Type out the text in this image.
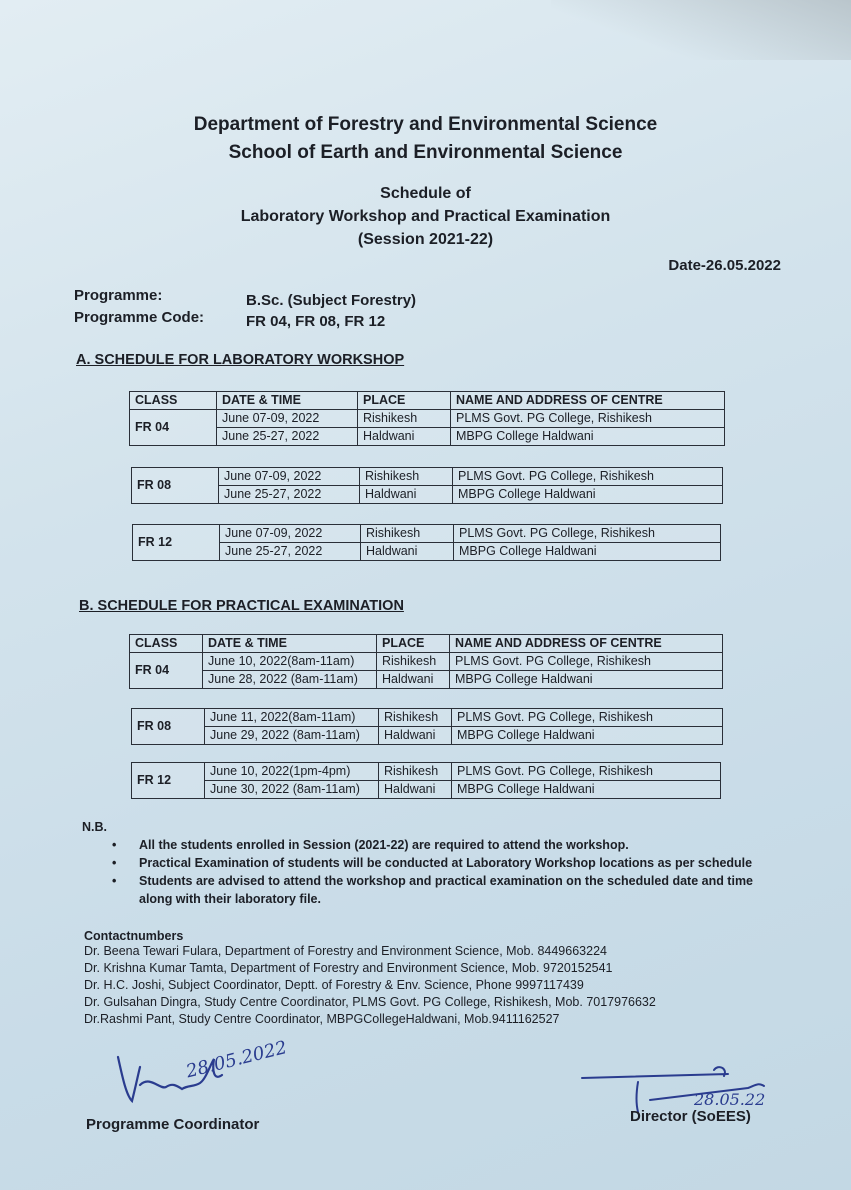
Department of Forestry and Environmental Science
School of Earth and Environmental Science
Schedule of
Laboratory Workshop and Practical Examination
(Session 2021-22)
Date-26.05.2022
Programme:	B.Sc. (Subject Forestry)
Programme Code:	FR 04, FR 08, FR 12
A. SCHEDULE FOR LABORATORY WORKSHOP
CLASS	DATE & TIME	PLACE	NAME AND ADDRESS OF CENTRE
FR 04	June 07-09, 2022	Rishikesh	PLMS Govt. PG College, Rishikesh
	June 25-27, 2022	Haldwani	MBPG College Haldwani
FR 08	June 07-09, 2022	Rishikesh	PLMS Govt. PG College, Rishikesh
	June 25-27, 2022	Haldwani	MBPG College Haldwani
FR 12	June 07-09, 2022	Rishikesh	PLMS Govt. PG College, Rishikesh
	June 25-27, 2022	Haldwani	MBPG College Haldwani
B. SCHEDULE FOR PRACTICAL EXAMINATION
CLASS	DATE & TIME	PLACE	NAME AND ADDRESS OF CENTRE
FR 04	June 10, 2022(8am-11am)	Rishikesh	PLMS Govt. PG College, Rishikesh
	June 28, 2022 (8am-11am)	Haldwani	MBPG College Haldwani
FR 08	June 11, 2022(8am-11am)	Rishikesh	PLMS Govt. PG College, Rishikesh
	June 29, 2022 (8am-11am)	Haldwani	MBPG College Haldwani
FR 12	June 10, 2022(1pm-4pm)	Rishikesh	PLMS Govt. PG College, Rishikesh
	June 30, 2022 (8am-11am)	Haldwani	MBPG College Haldwani
N.B.
• All the students enrolled in Session (2021-22) are required to attend the workshop.
• Practical Examination of students will be conducted at Laboratory Workshop locations as per schedule
• Students are advised to attend the workshop and practical examination on the scheduled date and time
along with their laboratory file.
Contactnumbers
Dr. Beena Tewari Fulara, Department of Forestry and Environment Science, Mob. 8449663224
Dr. Krishna Kumar Tamta, Department of Forestry and Environment Science, Mob. 9720152541
Dr. H.C. Joshi, Subject Coordinator, Deptt. of Forestry & Env. Science, Phone 9997117439
Dr. Gulsahan Dingra, Study Centre Coordinator, PLMS Govt. PG College, Rishikesh, Mob. 7017976632
Dr.Rashmi Pant, Study Centre Coordinator, MBPGCollegeHaldwani, Mob.9411162527
28.05.2022
Programme Coordinator	Director (SoEES)
28.05.22
